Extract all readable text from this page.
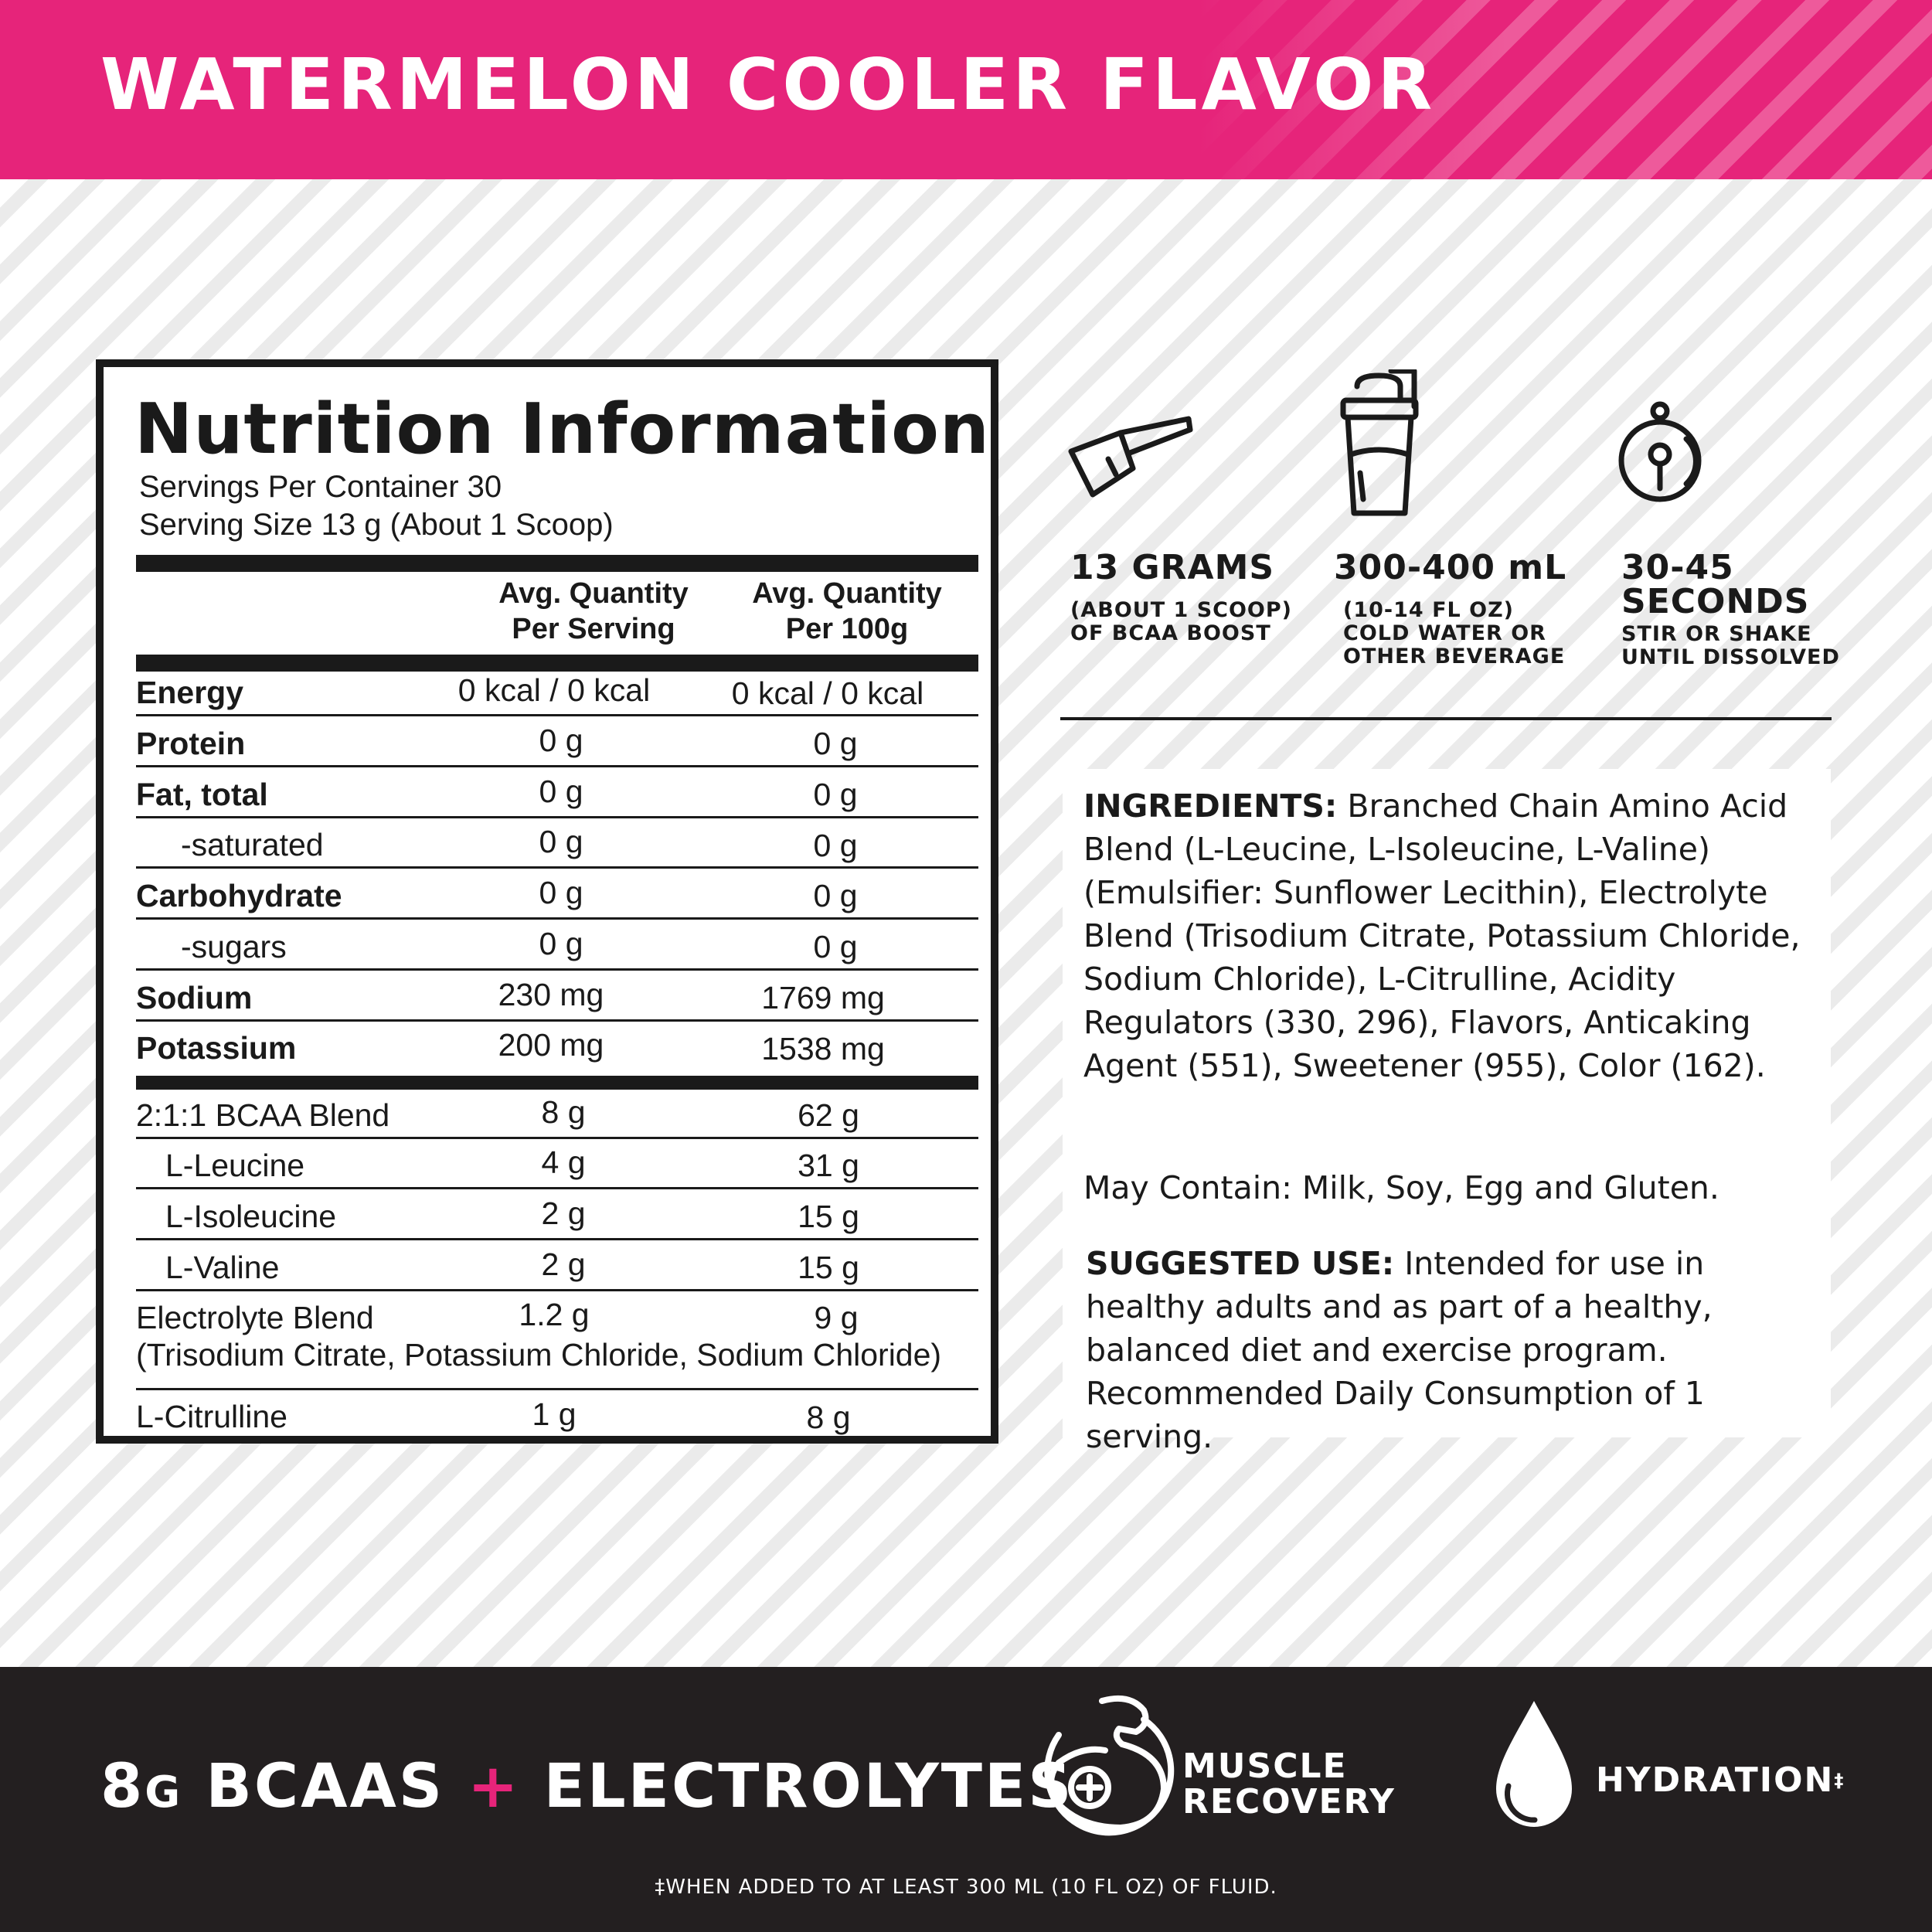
WATERMELON COOLER FLAVOR
Nutrition Information
Servings Per Container 30
Serving Size 13 g (About 1 Scoop)
Avg. Quantity
Per Serving
Avg. Quantity
Per 100g
Energy	0 kcal / 0 kcal	0 kcal / 0 kcal
Protein	0 g	0 g
Fat, total	0 g	0 g
-saturated	0 g	0 g
Carbohydrate	0 g	0 g
-sugars	0 g	0 g
Sodium	230 mg	1769 mg
Potassium	200 mg	1538 mg
2:1:1 BCAA Blend	8 g	62 g
L-Leucine	4 g	31 g
L-Isoleucine	2 g	15 g
L-Valine	2 g	15 g
Electrolyte Blend	1.2 g	9 g
(Trisodium Citrate, Potassium Chloride, Sodium Chloride)
L-Citrulline	1 g	8 g
13 GRAMS
(ABOUT 1 SCOOP)
OF BCAA BOOST
300-400 mL
(10-14 FL OZ)
COLD WATER OR
OTHER BEVERAGE
30-45
SECONDS
STIR OR SHAKE
UNTIL DISSOLVED
INGREDIENTS: Branched Chain Amino Acid Blend (L-Leucine, L-Isoleucine, L-Valine) (Emulsifier: Sunflower Lecithin), Electrolyte Blend (Trisodium Citrate, Potassium Chloride, Sodium Chloride), L-Citrulline, Acidity Regulators (330, 296), Flavors, Anticaking Agent (551), Sweetener (955), Color (162).
May Contain: Milk, Soy, Egg and Gluten.
SUGGESTED USE: Intended for use in healthy adults and as part of a healthy, balanced diet and exercise program. Recommended Daily Consumption of 1 serving.
8G BCAAS + ELECTROLYTES	MUSCLE
RECOVERY
HYDRATION‡
‡WHEN ADDED TO AT LEAST 300 ML (10 FL OZ) OF FLUID.
